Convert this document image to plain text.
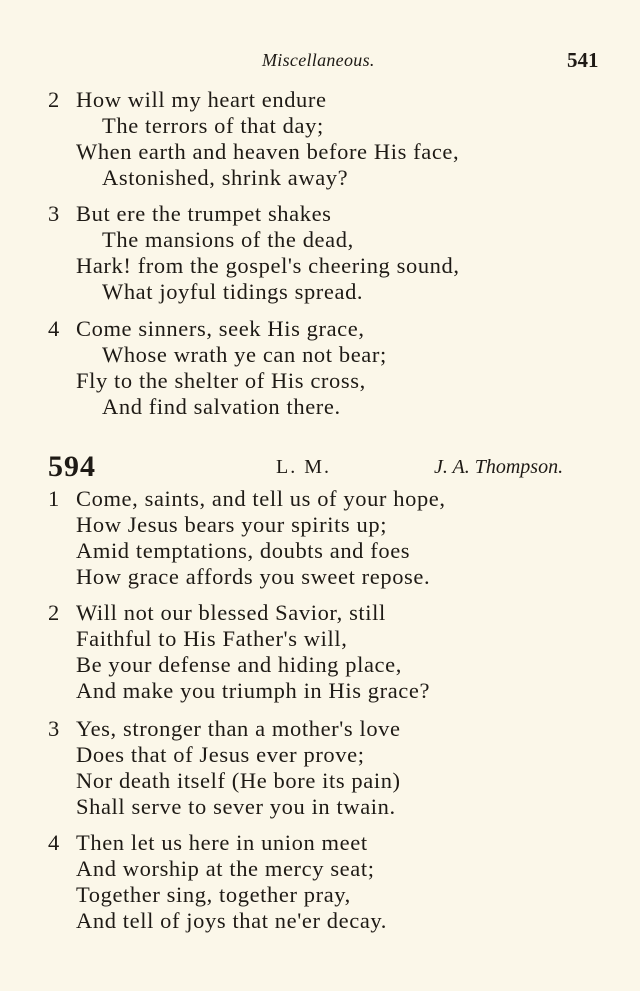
Miscellaneous.	541
2 How will my heart endure
The terrors of that day;
When earth and heaven before His face,
Astonished, shrink away?
3 But ere the trumpet shakes
The mansions of the dead,
Hark! from the gospel's cheering sound,
What joyful tidings spread.
4 Come sinners, seek His grace,
Whose wrath ye can not bear;
Fly to the shelter of His cross,
And find salvation there.
594	L. M.	J. A. Thompson.
1 Come, saints, and tell us of your hope,
How Jesus bears your spirits up;
Amid temptations, doubts and foes
How grace affords you sweet repose.
2 Will not our blessed Savior, still
Faithful to His Father's will,
Be your defense and hiding place,
And make you triumph in His grace?
3 Yes, stronger than a mother's love
Does that of Jesus ever prove;
Nor death itself (He bore its pain)
Shall serve to sever you in twain.
4 Then let us here in union meet
And worship at the mercy seat;
Together sing, together pray,
And tell of joys that ne'er decay.
